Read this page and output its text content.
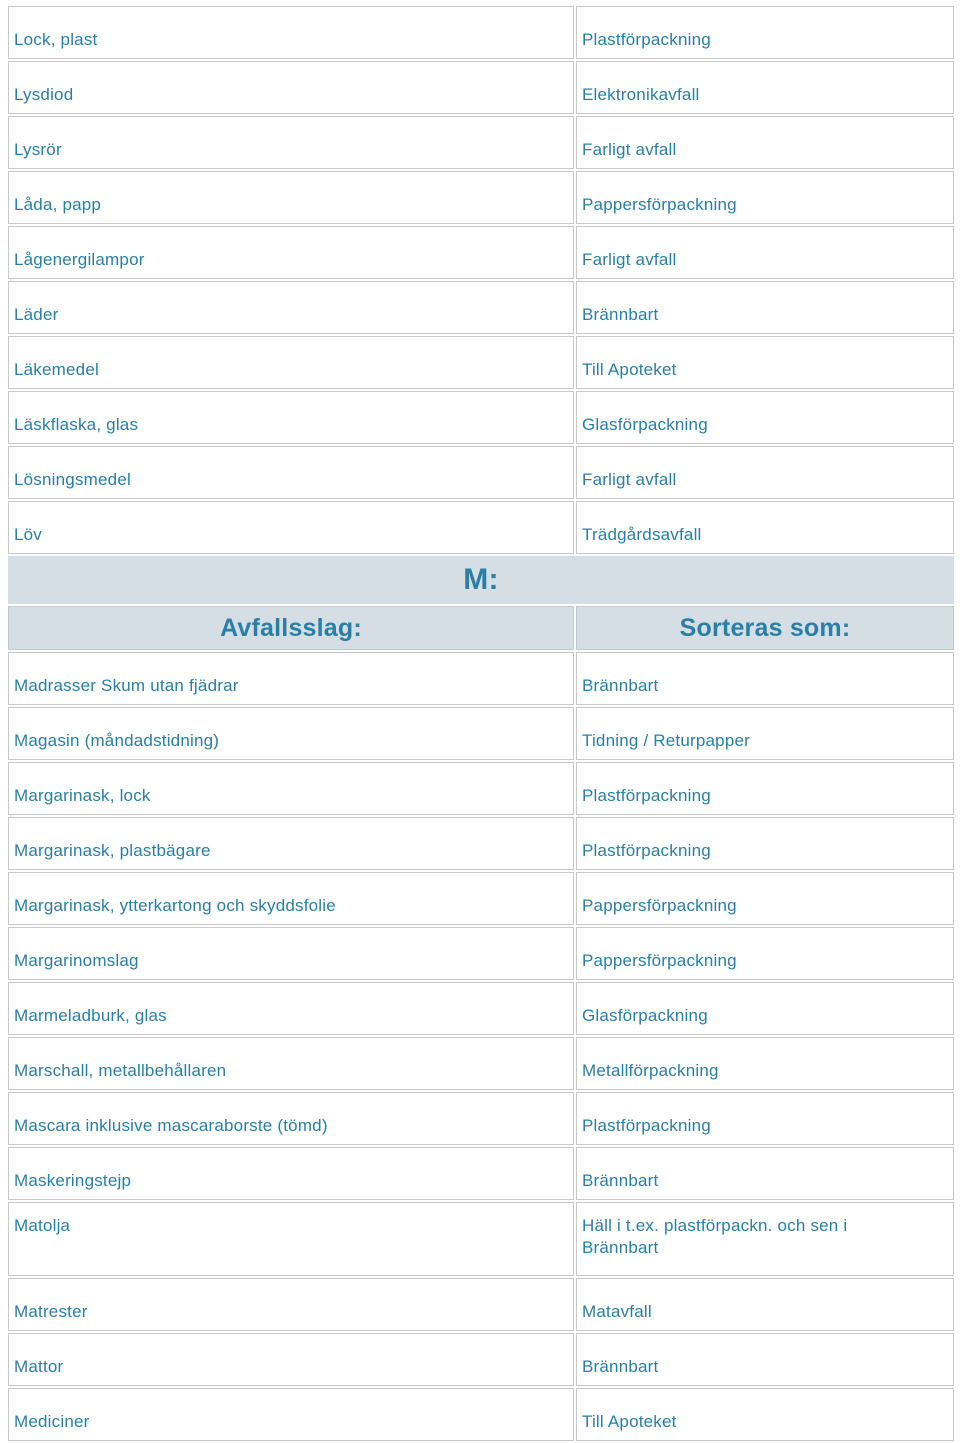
Lock, plast	Plastförpackning
Lysdiod	Elektronikavfall
Lysrör	Farligt avfall
Låda, papp	Pappersförpackning
Lågenergilampor	Farligt avfall
Läder	Brännbart
Läkemedel	Till Apoteket
Läskflaska, glas	Glasförpackning
Lösningsmedel	Farligt avfall
Löv	Trädgårdsavfall
M:	
Avfallsslag:	Sorteras som:
Madrasser Skum utan fjädrar	Brännbart
Magasin (måndadstidning)	Tidning / Returpapper
Margarinask, lock	Plastförpackning
Margarinask, plastbägare	Plastförpackning
Margarinask, ytterkartong och skyddsfolie	Pappersförpackning
Margarinomslag	Pappersförpackning
Marmeladburk, glas	Glasförpackning
Marschall, metallbehållaren	Metallförpackning
Mascara inklusive mascaraborste (tömd)	Plastförpackning
Maskeringstejp	Brännbart
Matolja	Häll i t.ex. plastförpackn. och sen i
Brännbart
Matrester	Matavfall
Mattor	Brännbart
Mediciner	Till Apoteket
